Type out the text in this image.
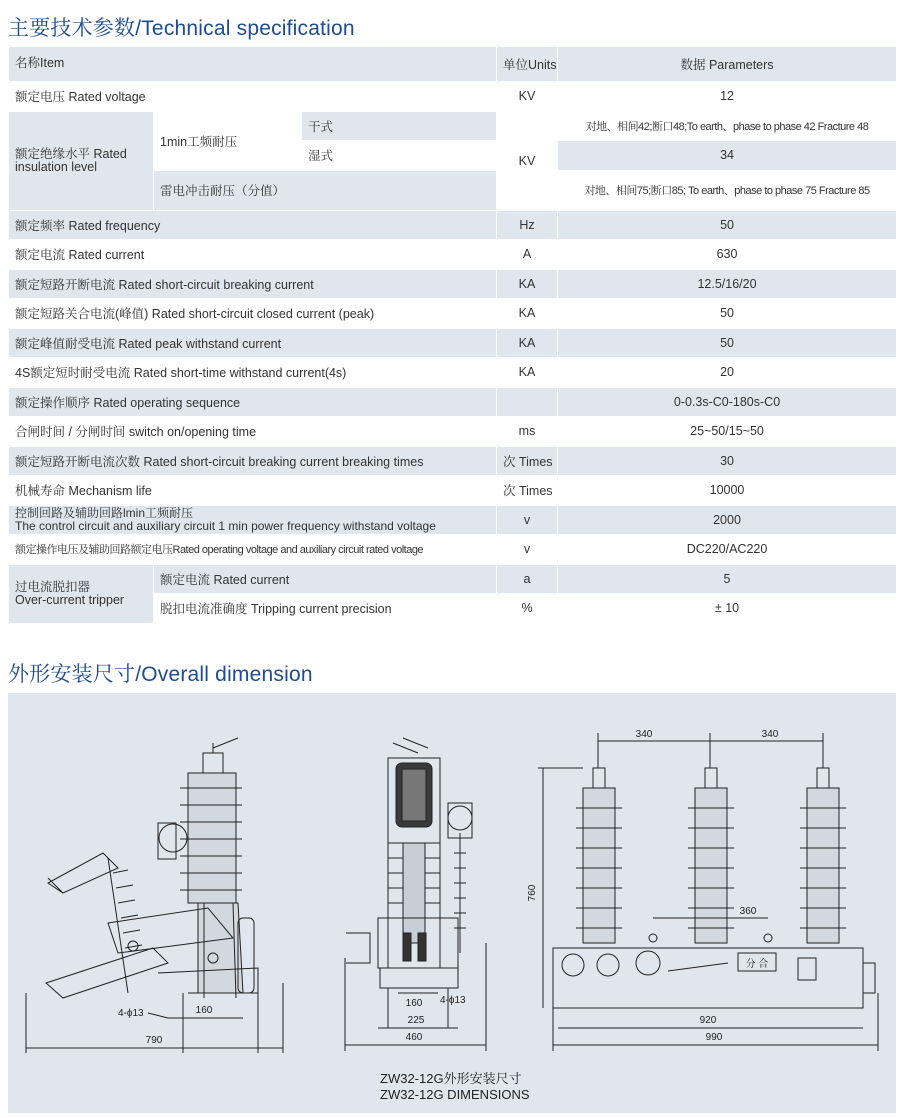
主要技术参数/Technical specification
名称Item			单位Units	数据 Parameters
额定电压 Rated voltage			KV	12

额定绝缘水平 Rated
insulation level	1min工频耐压	干式	KV	对地、相间42;断口48;To earth、phase to phase 42 Fracture 48
		湿式		34
	雷电冲击耐压（分值）			对地、相间75;断口85; To earth、phase to phase 75 Fracture 85
额定频率 Rated frequency			Hz	50
额定电流 Rated current			A	630
额定短路开断电流 Rated short-circuit breaking current			KA	12.5/16/20
额定短路关合电流(峰值) Rated short-circuit closed current (peak)			KA	50
额定峰值耐受电流 Rated peak withstand current			KA	50
4S额定短时耐受电流 Rated short-time withstand current(4s)			KA	20
额定操作顺序 Rated operating sequence				0-0.3s-C0-180s-C0
合闸时间 / 分闸时间 switch on/opening time			ms	25~50/15~50
额定短路开断电流次数 Rated short-circuit breaking current breaking times			次 Times	30
机械寿命 Mechanism life			次 Times	10000

控制回路及辅助回路lmin工频耐压
The control circuit and auxiliary circuit 1 min power frequency withstand voltage			v	2000
额定操作电压及辅助回路额定电压Rated operating voltage and auxiliary circuit rated voltage			v	DC220/AC220

过电流脱扣器
Over-current tripper	额定电流 Rated current		a	5
	脱扣电流准确度 Tripping current precision		%	± 10
外形安装尺寸/Overall dimension
160
4-ϕ13
790
160 4-ϕ13
225
460
分 合
340	340
360
760
920
990
ZW32-12G外形安装尺寸
ZW32-12G DIMENSIONS
